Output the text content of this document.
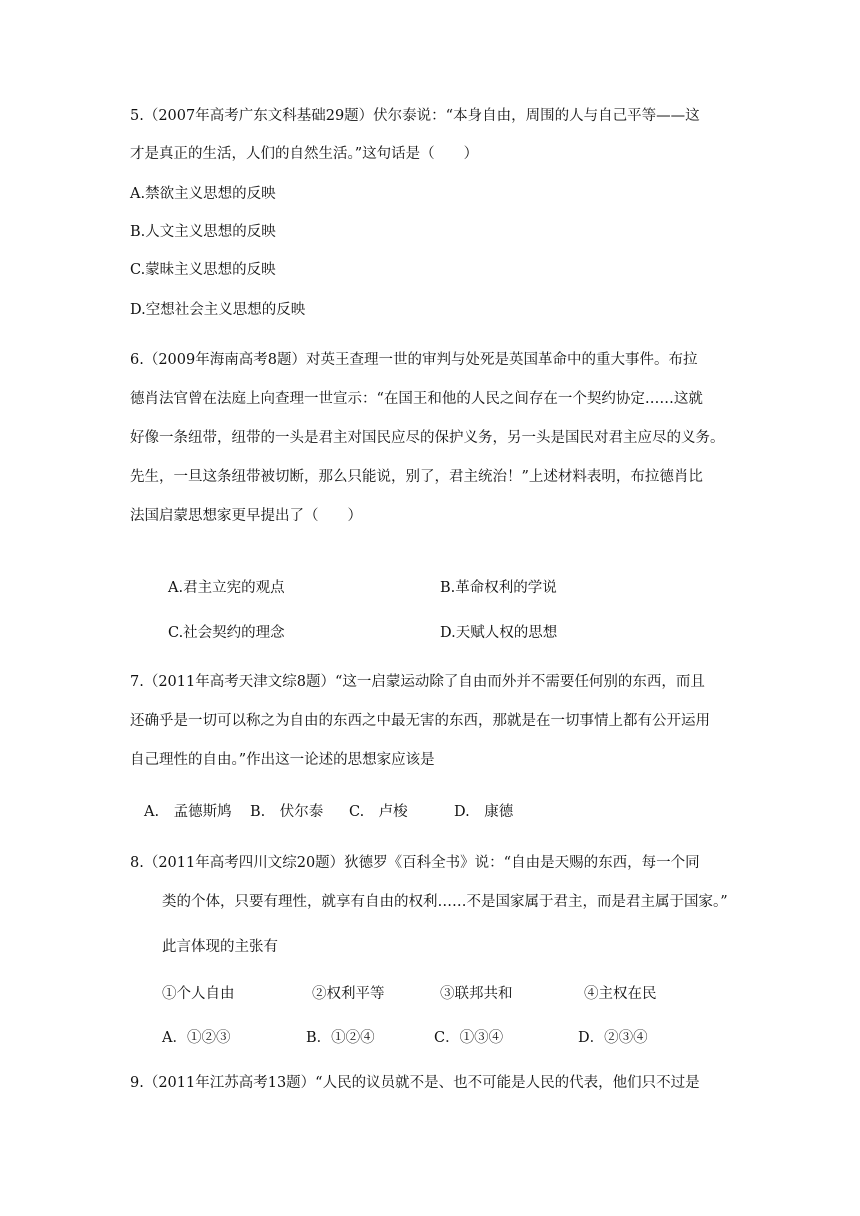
5.（2007年高考广东文科基础29题）伏尔泰说：“本身自由，周围的人与自己平等——这
才是真正的生活，人们的自然生活。”这句话是（　　）
A.禁欲主义思想的反映
B.人文主义思想的反映
C.蒙昧主义思想的反映
D.空想社会主义思想的反映
6.（2009年海南高考8题）对英王查理一世的审判与处死是英国革命中的重大事件。布拉
德肖法官曾在法庭上向查理一世宣示：“在国王和他的人民之间存在一个契约协定……这就
好像一条纽带，纽带的一头是君主对国民应尽的保护义务，另一头是国民对君主应尽的义务。
先生，一旦这条纽带被切断，那么只能说，别了，君主统治！”上述材料表明，布拉德肖比
法国启蒙思想家更早提出了（　　）
A.君主立宪的观点	B.革命权利的学说
C.社会契约的理念	D.天赋人权的思想
7.（2011年高考天津文综8题）“这一启蒙运动除了自由而外并不需要任何别的东西，而且
还确乎是一切可以称之为自由的东西之中最无害的东西，那就是在一切事情上都有公开运用
自己理性的自由。”作出这一论述的思想家应该是
A.　孟德斯鸠 B.　伏尔泰 C.　卢梭	D.　康德
8.（2011年高考四川文综20题）狄德罗《百科全书》说：“自由是天赐的东西，每一个同
类的个体，只要有理性，就享有自由的权利……不是国家属于君主，而是君主属于国家。”
此言体现的主张有
①个人自由	②权利平等	③联邦共和	④主权在民
A．①②③	B．①②④	C．①③④	D．②③④
9.（2011年江苏高考13题）“人民的议员就不是、也不可能是人民的代表，他们只不过是
